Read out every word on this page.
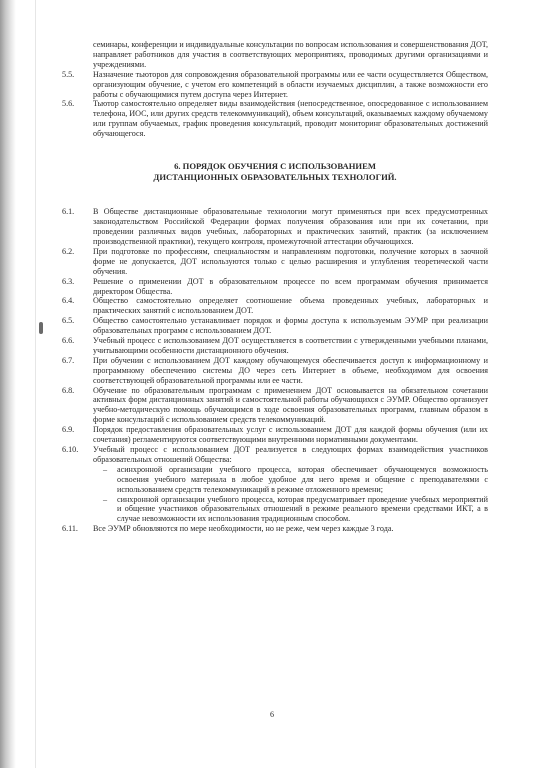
семинары, конференции и индивидуальные консультации по вопросам использования и совершенствования ДОТ, направляет работников для участия в соответствующих мероприятиях, проводимых другими организациями и учреждениями.
5.5.	Назначение тьюторов для сопровождения образовательной программы или ее части осуществляется Обществом, организующим обучение, с учетом его компетенций в области изучаемых дисциплин, а также возможности его работы с обучающимися путем доступа через Интернет.
5.6.	Тьютор самостоятельно определяет виды взаимодействия (непосредственное, опосредованное с использованием телефона, ИОС, или других средств телекоммуникаций), объем консультаций, оказываемых каждому обучаемому или группам обучаемых, график проведения консультаций, проводит мониторинг образовательных достижений обучающегося.
6. ПОРЯДОК ОБУЧЕНИЯ С ИСПОЛЬЗОВАНИЕМ
ДИСТАНЦИОННЫХ ОБРАЗОВАТЕЛЬНЫХ ТЕХНОЛОГИЙ.
6.1.	В Обществе дистанционные образовательные технологии могут применяться при всех предусмотренных законодательством Российской Федерации формах получения образования или при их сочетании, при проведении различных видов учебных, лабораторных и практических занятий, практик (за исключением производственной практики), текущего контроля, промежуточной аттестации обучающихся.
6.2.	При подготовке по профессиям, специальностям и направлениям подготовки, получение которых в заочной форме не допускается, ДОТ используются только с целью расширения и углубления теоретической части обучения.
6.3.	Решение о применении ДОТ в образовательном процессе по всем программам обучения принимается директором Общества.
6.4.	Общество самостоятельно определяет соотношение объема проведенных учебных, лабораторных и практических занятий с использованием ДОТ.
6.5.	Общество самостоятельно устанавливает порядок и формы доступа к используемым ЭУМР при реализации образовательных программ с использованием ДОТ.
6.6.	Учебный процесс с использованием ДОТ осуществляется в соответствии с утвержденными учебными планами, учитывающими особенности дистанционного обучения.
6.7.	При обучении с использованием ДОТ каждому обучающемуся обеспечивается доступ к информационному и программному обеспечению системы ДО через сеть Интернет в объеме, необходимом для освоения соответствующей образовательной программы или ее части.
6.8.	Обучение по образовательным программам с применением ДОТ основывается на обязательном сочетании активных форм дистанционных занятий и самостоятельной работы обучающихся с ЭУМР. Общество организует учебно-методическую помощь обучающимся в ходе освоения образовательных программ, главным образом в форме консультаций с использованием средств телекоммуникаций.
6.9.	Порядок предоставления образовательных услуг с использованием ДОТ для каждой формы обучения (или их сочетания) регламентируются соответствующими внутренними нормативными документами.
6.10.	Учебный процесс с использованием ДОТ реализуется в следующих формах взаимодействия участников образовательных отношений Общества:
–	асинхронной организации учебного процесса, которая обеспечивает обучающемуся возможность освоения учебного материала в любое удобное для него время и общение с преподавателями с использованием средств телекоммуникаций в режиме отложенного времени;
–	синхронной организации учебного процесса, которая предусматривает проведение учебных мероприятий и общение участников образовательных отношений в режиме реального времени средствами ИКТ, а в случае невозможности их использования традиционным способом.
6.11.	Все ЭУМР обновляются по мере необходимости, но не реже, чем через каждые 3 года.
6
